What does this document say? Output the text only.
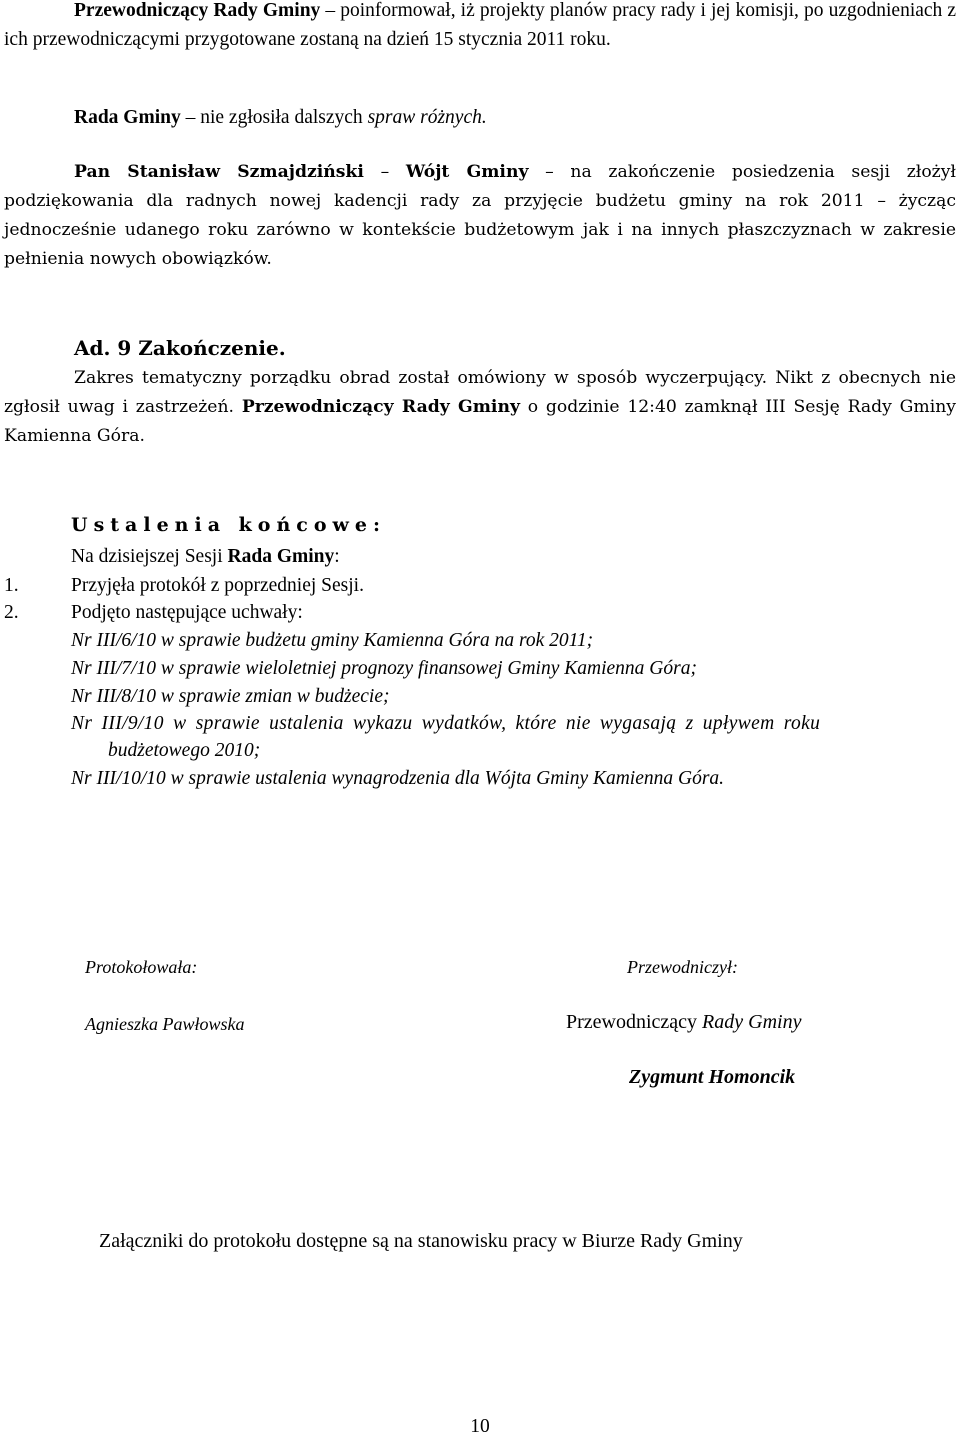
Przewodniczący Rady Gminy – poinformował, iż projekty planów pracy rady i jej komisji, po uzgodnieniach z ich przewodniczącymi przygotowane zostaną na dzień 15 stycznia 2011 roku.

Rada Gminy – nie zgłosiła dalszych spraw różnych.

Pan Stanisław Szmajdziński – Wójt Gminy – na zakończenie posiedzenia sesji złożył podziękowania dla radnych nowej kadencji rady za przyjęcie budżetu gminy na rok 2011 – życząc jednocześnie udanego roku zarówno w kontekście budżetowym jak i na innych płaszczyznach w zakresie pełnienia nowych obowiązków.

Ad. 9 Zakończenie.

Zakres tematyczny porządku obrad został omówiony w sposób wyczerpujący. Nikt z obecnych nie zgłosił uwag i zastrzeżeń. Przewodniczący Rady Gminy o godzinie 12:40 zamknął III Sesję Rady Gminy Kamienna Góra.

Ustalenia końcowe:

Na dzisiejszej Sesji Rada Gminy:

1.	Przyjęła protokół z poprzedniej Sesji.

2.	Podjęto następujące uchwały:

Nr III/6/10 w sprawie budżetu gminy Kamienna Góra na rok 2011;

Nr III/7/10 w sprawie wieloletniej prognozy finansowej Gminy Kamienna Góra;

Nr III/8/10 w sprawie zmian w budżecie;

Nr III/9/10 w sprawie ustalenia wykazu wydatków, które nie wygasają z upływem roku

budżetowego 2010;

Nr III/10/10 w sprawie ustalenia wynagrodzenia dla Wójta Gminy Kamienna Góra.

Protokołowała:

Agnieszka Pawłowska

Przewodniczył:

Przewodniczący Rady Gminy

Zygmunt Homoncik

Załączniki do protokołu dostępne są na stanowisku pracy w Biurze Rady Gminy

10
